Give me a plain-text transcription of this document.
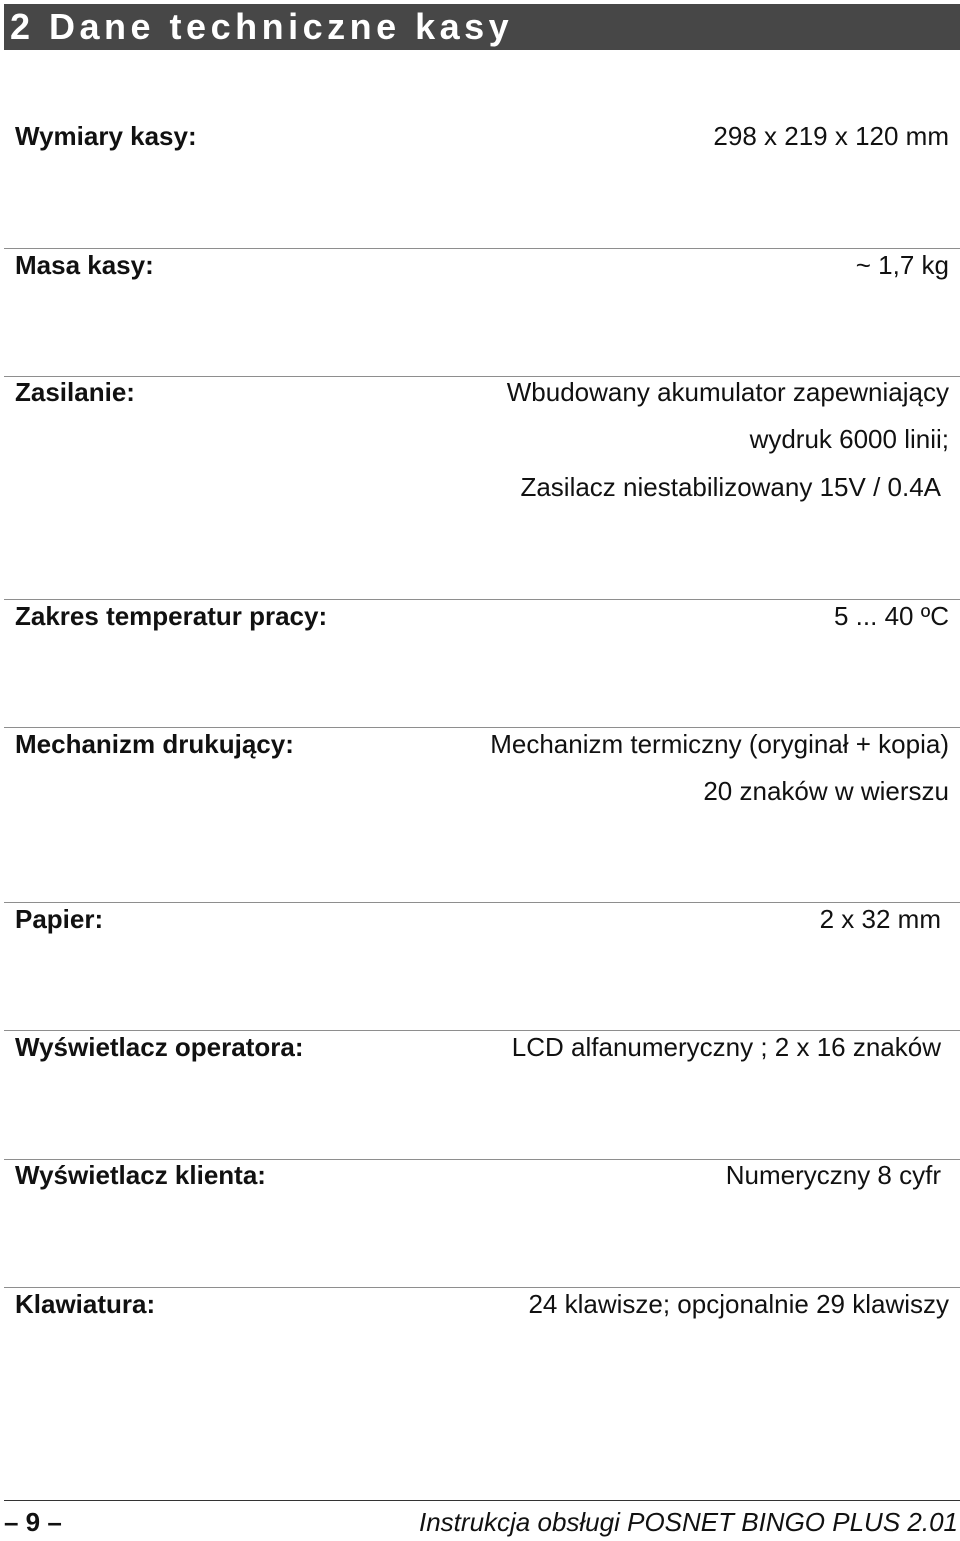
2 Dane techniczne kasy
Wymiary kasy:	298 x 219 x 120 mm
Masa kasy:	~ 1,7 kg
Zasilanie:	Wbudowany akumulator zapewniający
wydruk 6000 linii;
Zasilacz niestabilizowany 15V / 0.4A
Zakres temperatur pracy:	5 ... 40 ºC
Mechanizm drukujący:	Mechanizm termiczny (oryginał + kopia)
20 znaków w wierszu
Papier:	2 x 32 mm
Wyświetlacz operatora:	LCD alfanumeryczny ; 2 x 16 znaków
Wyświetlacz klienta:	Numeryczny 8 cyfr
Klawiatura:	24 klawisze; opcjonalnie 29 klawiszy
– 9 –	Instrukcja obsługi POSNET BINGO PLUS 2.01
